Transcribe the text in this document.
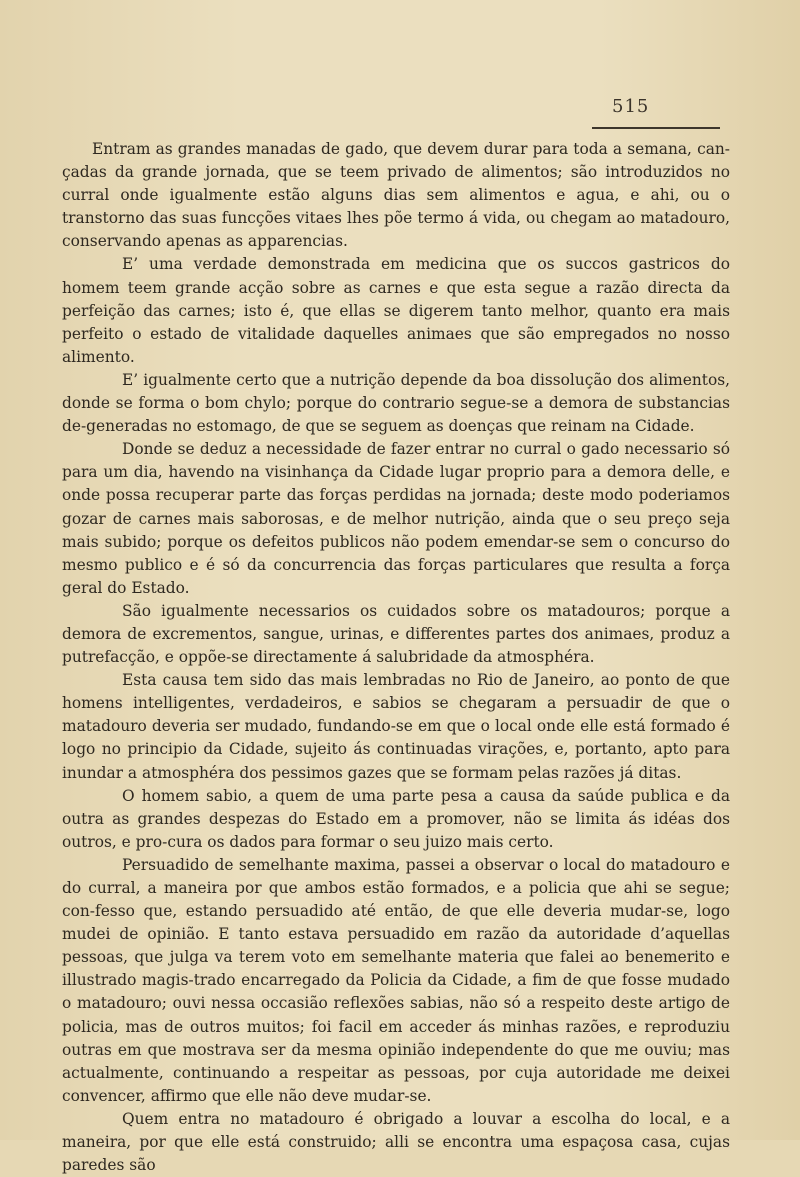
515

Entram as grandes manadas de gado, que devem durar para toda a semana, can-çadas da grande jornada, que se teem privado de alimentos; são introduzidos no curral onde igualmente estão alguns dias sem alimentos e agua, e ahi, ou o transtorno das suas funcções vitaes lhes põe termo á vida, ou chegam ao matadouro, conservando apenas as apparencias.

E’ uma verdade demonstrada em medicina que os succos gastricos do homem teem grande acção sobre as carnes e que esta segue a razão directa da perfeição das carnes; isto é, que ellas se digerem tanto melhor, quanto era mais perfeito o estado de vitalidade daquelles animaes que são empregados no nosso alimento.

E’ igualmente certo que a nutrição depende da boa dissolução dos alimentos, donde se forma o bom chylo; porque do contrario segue-se a demora de substancias de-generadas no estomago, de que se seguem as doenças que reinam na Cidade.

Donde se deduz a necessidade de fazer entrar no curral o gado necessario só para um dia, havendo na visinhança da Cidade lugar proprio para a demora delle, e onde possa recuperar parte das forças perdidas na jornada; deste modo poderiamos gozar de carnes mais saborosas, e de melhor nutrição, ainda que o seu preço seja mais subido; porque os defeitos publicos não podem emendar-se sem o concurso do mesmo publico e é só da concurrencia das forças particulares que resulta a força geral do Estado.

São igualmente necessarios os cuidados sobre os matadouros; porque a demora de excrementos, sangue, urinas, e differentes partes dos animaes, produz a putrefacção, e oppõe-se directamente á salubridade da atmosphéra.

Esta causa tem sido das mais lembradas no Rio de Janeiro, ao ponto de que homens intelligentes, verdadeiros, e sabios se chegaram a persuadir de que o matadouro deveria ser mudado, fundando-se em que o local onde elle está formado é logo no principio da Cidade, sujeito ás continuadas virações, e, portanto, apto para inundar a atmosphéra dos pessimos gazes que se formam pelas razões já ditas.

O homem sabio, a quem de uma parte pesa a causa da saúde publica e da outra as grandes despezas do Estado em a promover, não se limita ás idéas dos outros, e pro-cura os dados para formar o seu juizo mais certo.

Persuadido de semelhante maxima, passei a observar o local do matadouro e do curral, a maneira por que ambos estão formados, e a policia que ahi se segue; con-fesso que, estando persuadido até então, de que elle deveria mudar-se, logo mudei de opinião. E tanto estava persuadido em razão da autoridade d’aquellas pessoas, que julga va terem voto em semelhante materia que falei ao benemerito e illustrado magis-trado encarregado da Policia da Cidade, a fim de que fosse mudado o matadouro; ouvi nessa occasião reflexões sabias, não só a respeito deste artigo de policia, mas de outros muitos; foi facil em acceder ás minhas razões, e reproduziu outras em que mostrava ser da mesma opinião independente do que me ouviu; mas actualmente, continuando a respeitar as pessoas, por cuja autoridade me deixei convencer, affirmo que elle não deve mudar-se.

Quem entra no matadouro é obrigado a louvar a escolha do local, e a maneira, por que elle está construido; alli se encontra uma espaçosa casa, cujas paredes são
